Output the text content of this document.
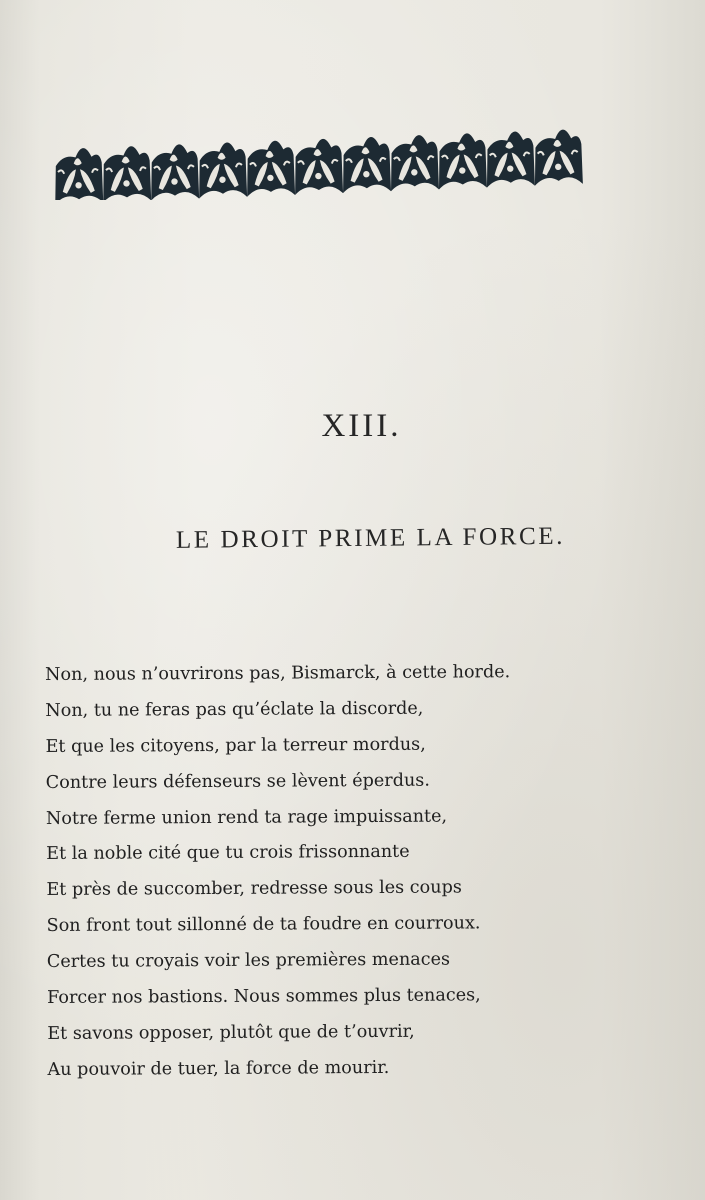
XIII.
LE DROIT PRIME LA FORCE.
Non, nous n’ouvrirons pas, Bismarck, à cette horde.
Non, tu ne feras pas qu’éclate la discorde,
Et que les citoyens, par la terreur mordus,
Contre leurs défenseurs se lèvent éperdus.
Notre ferme union rend ta rage impuissante,
Et la noble cité que tu crois frissonnante
Et près de succomber, redresse sous les coups
Son front tout sillonné de ta foudre en courroux.
Certes tu croyais voir les premières menaces
Forcer nos bastions. Nous sommes plus tenaces,
Et savons opposer, plutôt que de t’ouvrir,
Au pouvoir de tuer, la force de mourir.
